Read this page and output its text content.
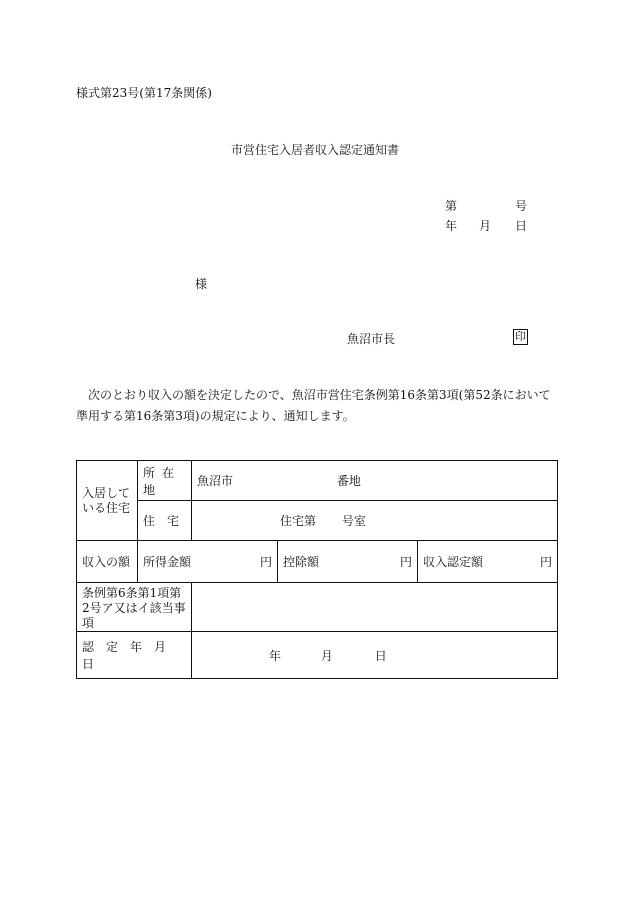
様式第23号(第17条関係)
市営住宅入居者収入認定通知書
第	号
年 月 日
様
魚沼市長	印
次のとおり収入の額を決定したので、魚沼市営住宅条例第16条第3項(第52条において準用する第16条第3項)の規定により、通知します。
入居している住宅	所在地	魚沼市 番地		
	住　宅	住宅第 号室		
収入の額	所得金額 円		控除額 円	収入認定額 円

条例第6条第1項第2号ア又はイ該当事項				
認　定　年　月　日		年 月 日		
